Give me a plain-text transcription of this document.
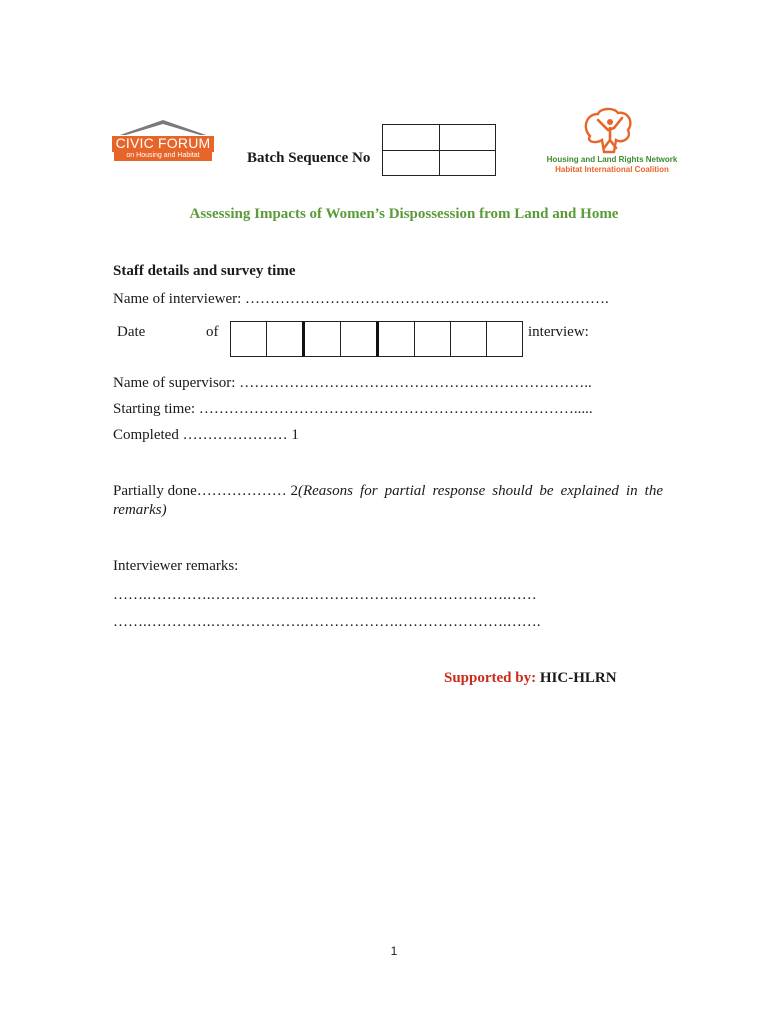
CIVIC FORUM
on Housing and Habitat	Batch Sequence No

		Housing and Land Rights Network
Habitat International Coalition
Assessing Impacts of Women’s Dispossession from Land and Home
Staff details and survey time
Name of interviewer: ……………………………………………………………….
Date	of	interview:
Name of supervisor: ……………………………………………………………..
Starting time: ………………………………………………………………….....
Completed ………………… 1
Partially done……………… 2 (Reasons for partial response should be explained in the
remarks)
Interviewer remarks:
…….………….……………….……………….………………….……
…….………….……………….……………….………………….…….
Supported by: HIC-HLRN
1
